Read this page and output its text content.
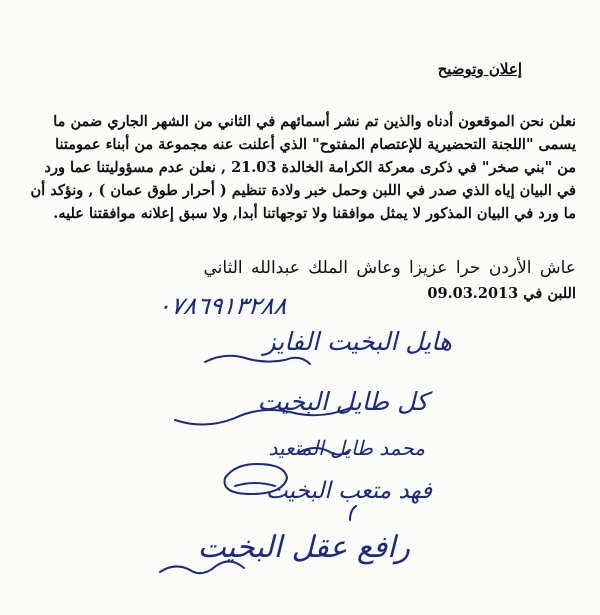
إعلان وتوضيح

نعلن نحن الموقعون أدناه والذين تم نشر أسمائهم في الثاني من الشهر الجاري ضمن ما

يسمى "اللجنة التحضيرية للإعتصام المفتوح" الذي أعلنت عنه مجموعة من أبناء عمومتنا

من "بني صخر" في ذكرى معركة الكرامة الخالدة 21.03 , نعلن عدم مسؤوليتنا عما ورد

في البيان إياه الذي صدر في اللبن وحمل خبر ولادة تنظيم ( أحرار طوق عمان ) , ونؤكد أن

ما ورد في البيان المذكور لا يمثل موافقنا ولا توجهاتنا أبدا, ولا سبق إعلانه موافقتنا عليه.

عاش الأردن حرا عزيزا وعاش الملك عبدالله الثاني
اللبن في 09.03.2013
٠٧٨٦٩١٣٢٨٨
هايل البخيت الفايز
كل طايل البخيت
محمد طايل المتعيد
فهد متعب البخيت
رافع عقل البخيت
